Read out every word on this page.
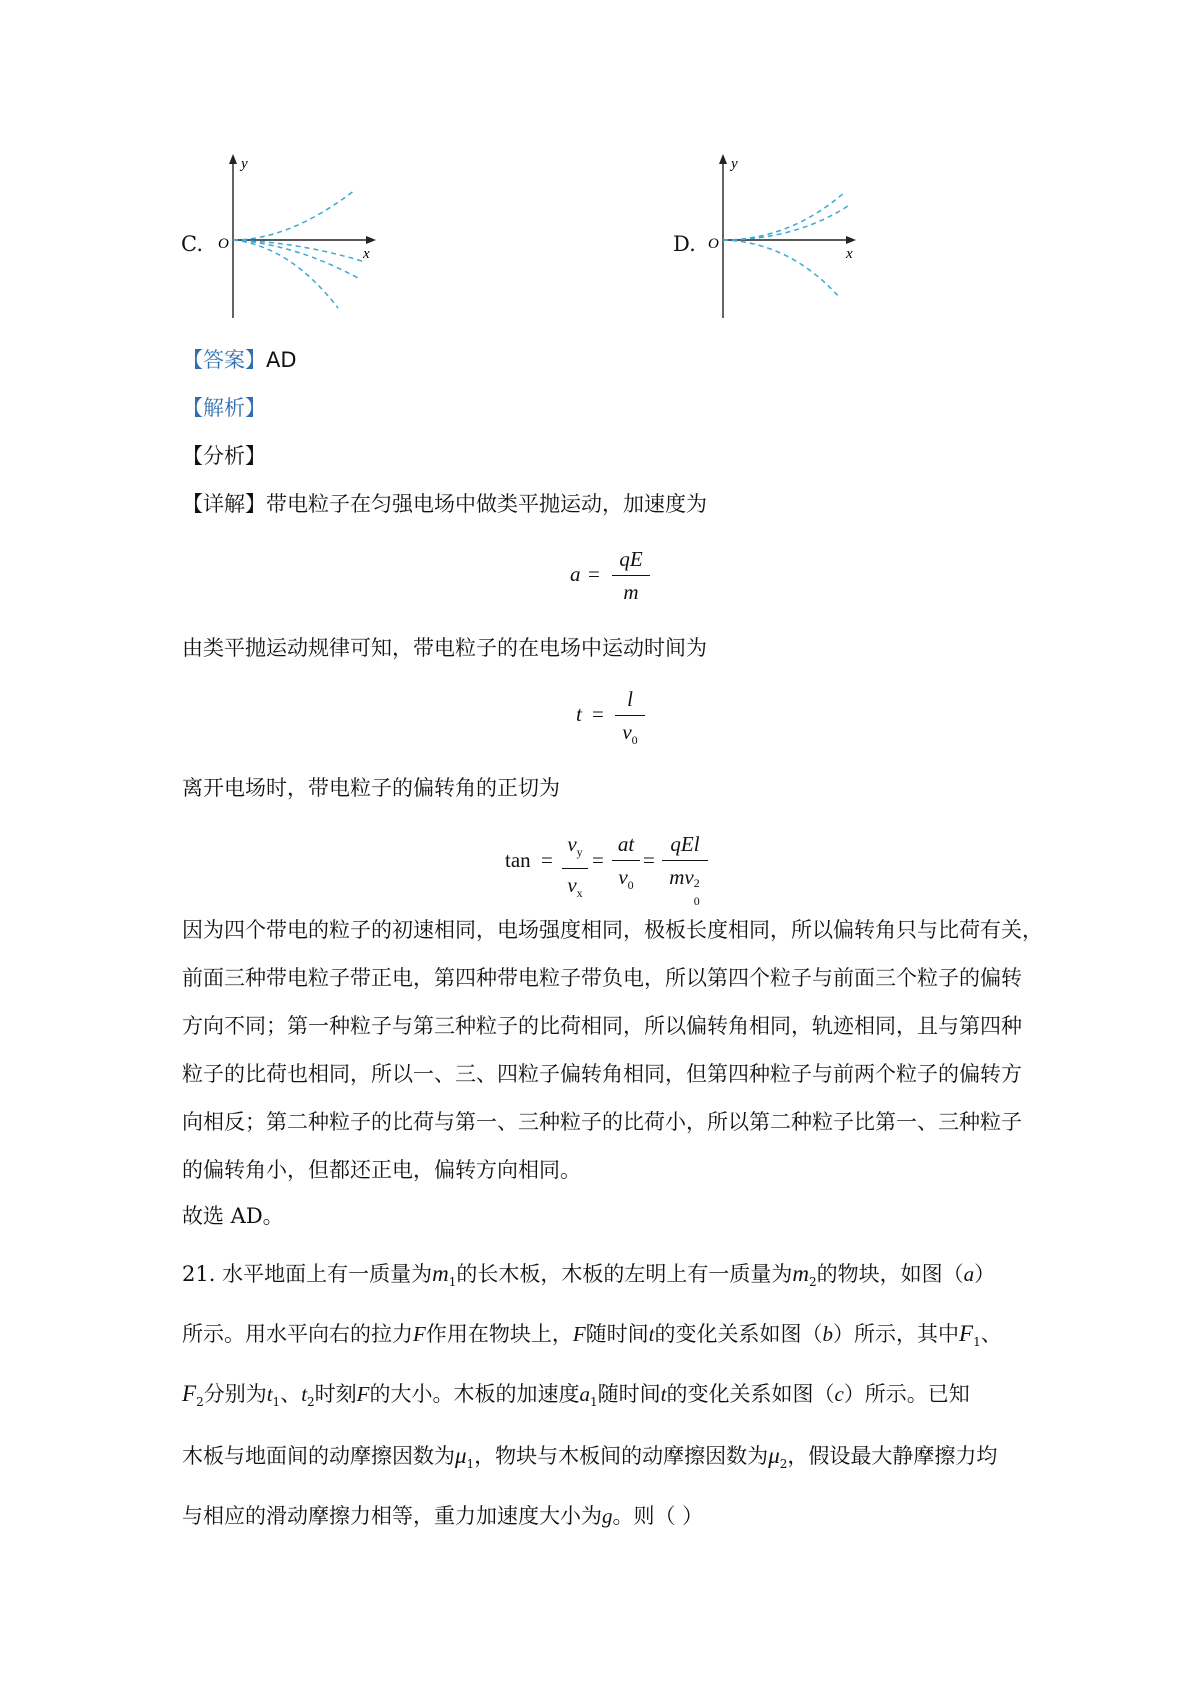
C.
y
x
O	D.
y
x
O
【答案】AD
【解析】
【分析】
【详解】带电粒子在匀强电场中做类平抛运动，加速度为
a =
qE
m
由类平抛运动规律可知，带电粒子的在电场中运动时间为
t =
l
$v_0$
离开电场时，带电粒子的偏转角的正切为
tan =
$v_y$
$v_x$
=
at
$v_0$
=
qEl
mv 2
0
因为四个带电的粒子的初速相同，电场强度相同，极板长度相同，所以偏转角只与比荷有关，
前面三种带电粒子带正电，第四种带电粒子带负电，所以第四个粒子与前面三个粒子的偏转
方向不同；第一种粒子与第三种粒子的比荷相同，所以偏转角相同，轨迹相同，且与第四种
粒子的比荷也相同，所以一、三、四粒子偏转角相同，但第四种粒子与前两个粒子的偏转方
向相反；第二种粒子的比荷与第一、三种粒子的比荷小，所以第二种粒子比第一、三种粒子
的偏转角小，但都还正电，偏转方向相同。
故选 AD。
21. 水平地面上有一质量为$m_1$的长木板，木板的左明上有一质量为$m_2$的物块，如图（a）
所示。用水平向右的拉力F作用在物块上，F随时间t的变化关系如图（b）所示，其中$F_1$、
$F_2$分别为$t_1$、$t_2$时刻F的大小。木板的加速度$a_1$随时间t的变化关系如图（c）所示。已知
木板与地面间的动摩擦因数为$\mu_1$，物块与木板间的动摩擦因数为$\mu_2$，假设最大静摩擦力均
与相应的滑动摩擦力相等，重力加速度大小为g。则（ ）
